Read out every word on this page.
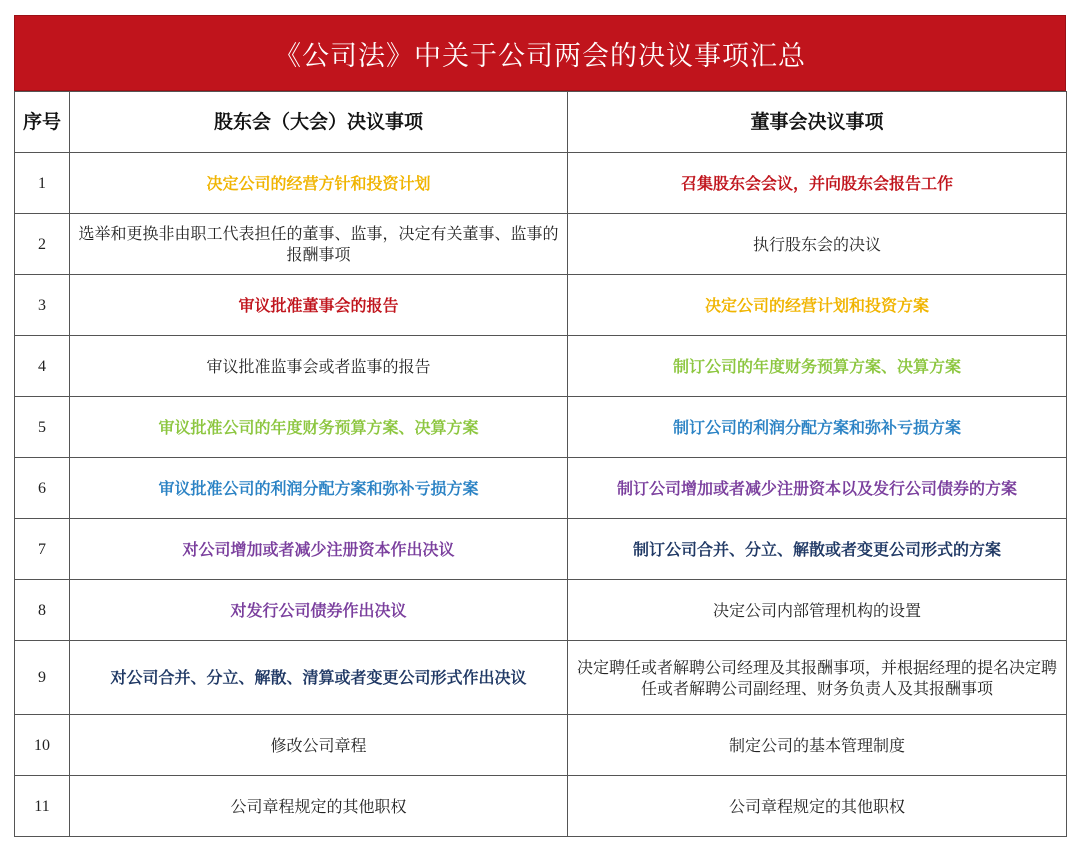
《公司法》中关于公司两会的决议事项汇总
序号	股东会（大会）决议事项	董事会决议事项
1	决定公司的经营方针和投资计划	召集股东会会议，并向股东会报告工作
2	选举和更换非由职工代表担任的董事、监事，决定有关董事、监事的报酬事项	执行股东会的决议
3	审议批准董事会的报告	决定公司的经营计划和投资方案
4	审议批准监事会或者监事的报告	制订公司的年度财务预算方案、决算方案
5	审议批准公司的年度财务预算方案、决算方案	制订公司的利润分配方案和弥补亏损方案
6	审议批准公司的利润分配方案和弥补亏损方案	制订公司增加或者减少注册资本以及发行公司债券的方案
7	对公司增加或者减少注册资本作出决议	制订公司合并、分立、解散或者变更公司形式的方案
8	对发行公司债券作出决议	决定公司内部管理机构的设置
9	对公司合并、分立、解散、清算或者变更公司形式作出决议	决定聘任或者解聘公司经理及其报酬事项，并根据经理的提名决定聘任或者解聘公司副经理、财务负责人及其报酬事项
10	修改公司章程	制定公司的基本管理制度
11	公司章程规定的其他职权	公司章程规定的其他职权
